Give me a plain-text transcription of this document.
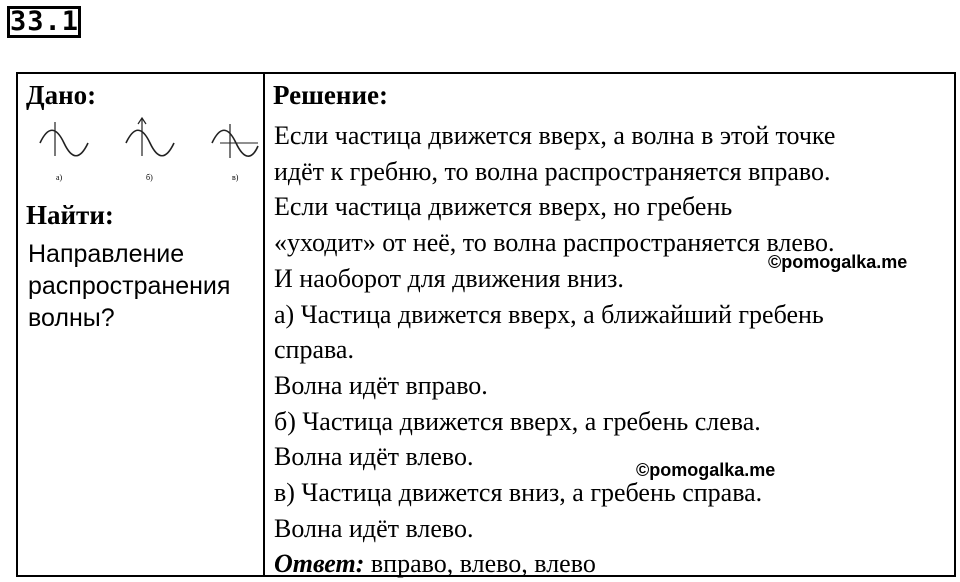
33.1
Дано:
а)	б)	в)
Найти:
Направление
распространения
волны?
Решение:
Если частица движется вверх, а волна в этой точке
идёт к гребню, то волна распространяется вправо.
Если частица движется вверх, но гребень
«уходит» от неё, то волна распространяется влево.
И наоборот для движения вниз.
а) Частица движется вверх, а ближайший гребень
справа.
Волна идёт вправо.
б) Частица движется вверх, а гребень слева.
Волна идёт влево.
в) Частица движется вниз, а гребень справа.
Волна идёт влево.
Ответ: вправо, влево, влево
©pomogalka.me
©pomogalka.me
